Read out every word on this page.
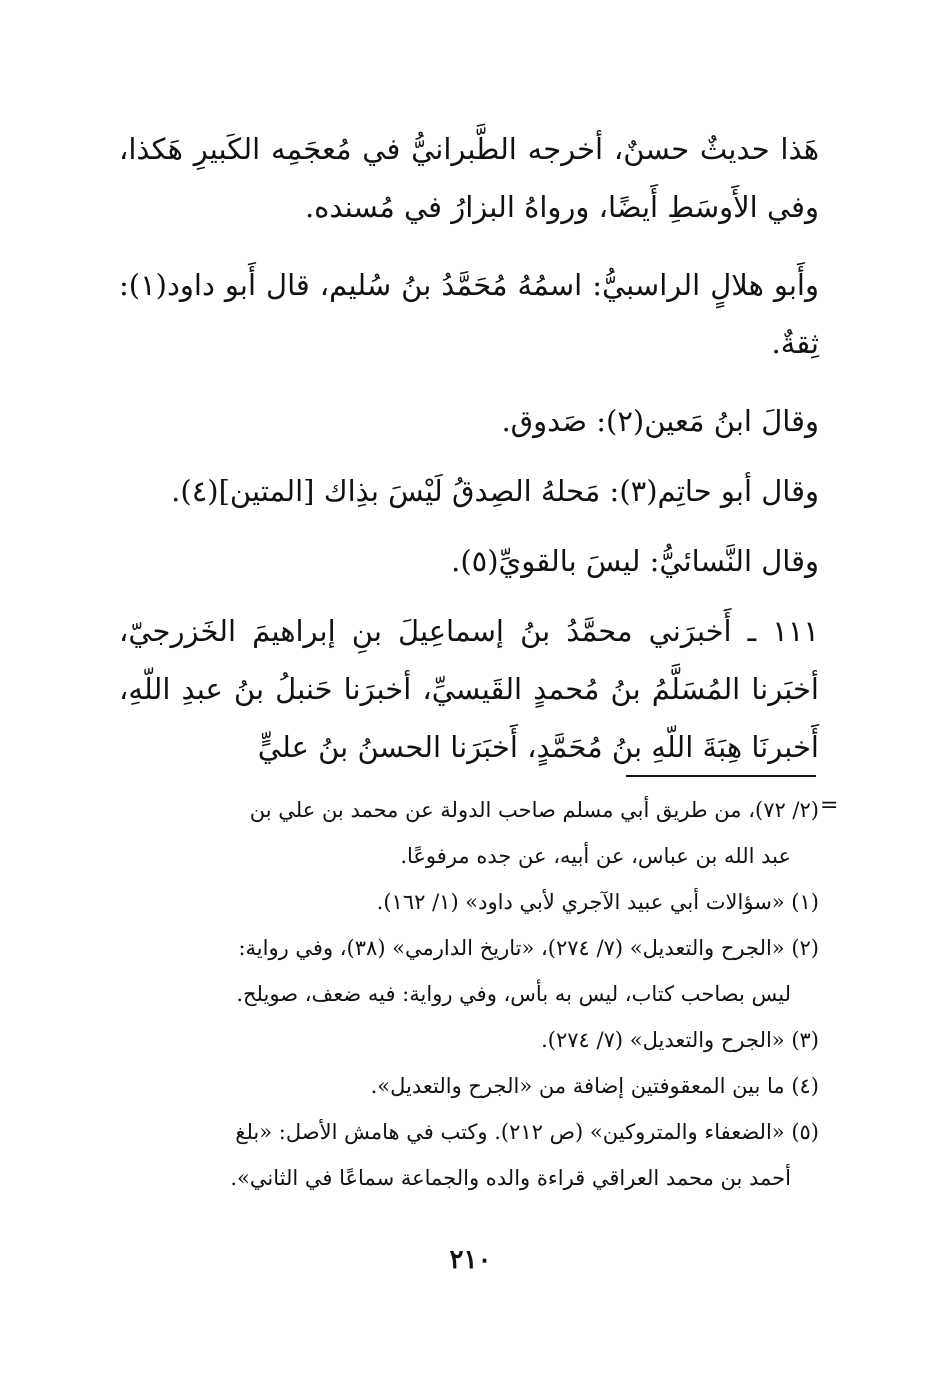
هَذا حديثٌ حسنٌ، أخرجه الطَّبرانيُّ في مُعجَمِه الكَبيرِ هَكذا، وفي الأَوسَطِ أَيضًا، ورواهُ البزارُ في مُسنده.

وأَبو هلالٍ الراسبيُّ: اسمُهُ مُحَمَّدُ بنُ سُليم، قال أَبو داود(١): ثِقةٌ.

وقالَ ابنُ مَعين(٢): صَدوق.

وقال أبو حاتِم(٣): مَحلهُ الصِدقُ لَيْسَ بذِاك [المتين](٤).

وقال النَّسائيُّ: ليسَ بالقويِّ(٥).

١١١ ـ أَخبرَني محمَّدُ بنُ إسماعِيلَ بنِ إبراهيمَ الخَزرجيّ، أخبَرنا المُسَلَّمُ بنُ مُحمدٍ القَيسيِّ، أخبرَنا حَنبلُ بنُ عبدِ اللّهِ، أَخبرنَا هِبَةَ اللّهِ بنُ مُحَمَّدٍ، أَخبَرَنا الحسنُ بنُ عليٍّ

=

(٢/ ٧٢)، من طريق أبي مسلم صاحب الدولة عن محمد بن علي بن

عبد الله بن عباس، عن أبيه، عن جده مرفوعًا.

(١) «سؤالات أبي عبيد الآجري لأبي داود» (١/ ١٦٢).

(٢) «الجرح والتعديل» (٧/ ٢٧٤)، «تاريخ الدارمي» (٣٨)، وفي رواية:

ليس بصاحب كتاب، ليس به بأس، وفي رواية: فيه ضعف، صويلح.

(٣) «الجرح والتعديل» (٧/ ٢٧٤).

(٤) ما بين المعقوفتين إضافة من «الجرح والتعديل».

(٥) «الضعفاء والمتروكين» (ص ٢١٢). وكتب في هامش الأصل: «بلغ

أحمد بن محمد العراقي قراءة والده والجماعة سماعًا في الثاني».

٢١٠
